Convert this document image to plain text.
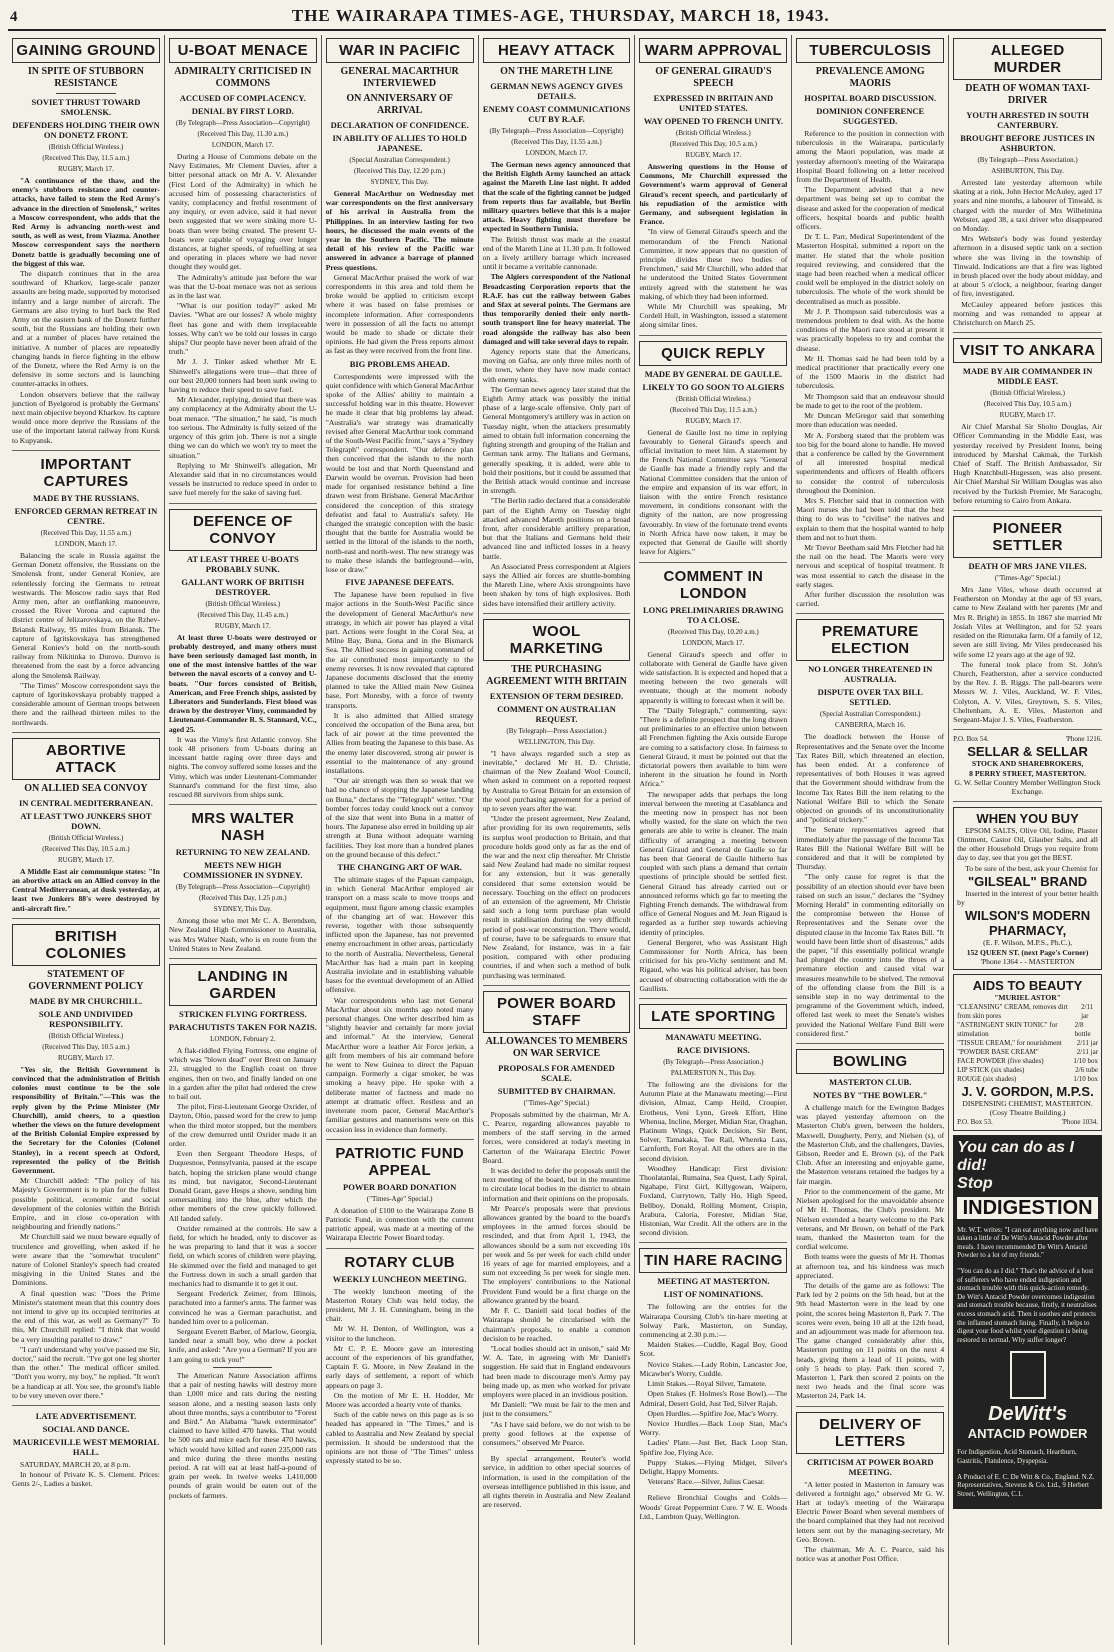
4	THE WAIRARAPA TIMES-AGE, THURSDAY, MARCH 18, 1943.
GAINING GROUND
IN SPITE OF STUBBORN RESISTANCE
SOVIET THRUST TOWARD SMOLENSK.
DEFENDERS HOLDING THEIR OWN ON DONETZ FRONT.
(British Official Wireless.)
(Received This Day, 11.5 a.m.)
RUGBY, March 17.

"A continuance of the thaw, and the enemy's stubborn resistance and counter-attacks, have failed to stem the Red Army's advance in the direction of Smolensk," writes a Moscow correspondent, who adds that the Red Army is advancing north-west and south, as well as west, from Viazma. Another Moscow correspondent says the northern Donetz battle is gradually becoming one of the biggest of this war.

The dispatch continues that in the area southward of Kharkov, large-scale panzer assaults are being made, supported by motorised infantry and a large number of aircraft. The Germans are also trying to hurl back the Red Army on the eastern bank of the Donetz further south, but the Russians are holding their own and at a number of places have retained the initiative. A number of places are repeatedly changing hands in fierce fighting in the elbow of the Donetz, where the Red Army is on the defensive in some sectors and is launching counter-attacks in others.

London observers believe that the railway junction of Byelgorod is probably the Germans' next main objective beyond Kharkov. Its capture would once more deprive the Russians of the use of the important lateral railway from Kursk to Kupyansk.

IMPORTANT CAPTURES
MADE BY THE RUSSIANS.
ENFORCED GERMAN RETREAT IN CENTRE.
(Received This Day, 11.55 a.m.)
LONDON, March 17.

Balancing the scale in Russia against the German Donetz offensive, the Russians on the Smolensk front, under General Koniev, are relentlessly forcing the Germans to retreat westwards. The Moscow radio says that Red Army men, after an outflanking manoeuvre, crossed the River Vorona and captured the district centre of Jelizarovskaya, on the Rzhev-Briansk Railway, 95 miles from Briansk. The capture of Igritskovskaya has strengthened General Koniev's hold on the north-south railway from Nikitinka to Durovo. Durovo is threatened from the east by a force advancing along the Smolensk Railway.

"The Times" Moscow correspondent says the capture of Igoritskovskaya probably trapped a considerable amount of German troops between there and the railhead thirteen miles to the northwards.

ABORTIVE ATTACK
ON ALLIED SEA CONVOY
IN CENTRAL MEDITERRANEAN.
AT LEAST TWO JUNKERS SHOT DOWN.
(British Official Wireless.)
(Received This Day, 10.5 a.m.)
RUGBY, March 17.

A Middle East air communique states: "In an abortive attack on an Allied convoy in the Central Mediterranean, at dusk yesterday, at least two Junkers 88's were destroyed by anti-aircraft fire."

BRITISH COLONIES
STATEMENT OF GOVERNMENT POLICY
MADE BY MR CHURCHILL.
SOLE AND UNDIVIDED RESPONSIBILITY.
(British Official Wireless.)
(Received This Day, 10.5 a.m.)
RUGBY, March 17.

"Yes sir, the British Government is convinced that the administration of British colonies must continue to be the sole responsibility of Britain."—This was the reply given by the Prime Minister (Mr Churchill), amid cheers, to a question whether the views on the future development of the British Colonial Empire expressed by the Secretary for the Colonies (Colonel Stanley), in a recent speech at Oxford, represented the policy of the British Government.

Mr Churchill added: "The policy of his Majesty's Government is to plan for the fullest possible political, economic and social development of the colonies within the British Empire, and in close co-operation with neighbouring and friendly nations."

Mr Churchill said we must beware equally of truculence and grovelling, when asked if he were aware that the "somewhat truculent" nature of Colonel Stanley's speech had created misgiving in the United States and the Dominions.

A final question was: "Does the Prime Minister's statement mean that this country does not intend to give up its occupied territories at the end of this war, as well as Germany?" To this, Mr Churchill replied: "I think that would be a very insulting parallel to draw."

"I can't understand why you've passed me Sir, doctor," said the recruit. "I've got one leg shorter than the other." The medical officer smiled. "Don't you worry, my boy," he replied. "It won't be a handicap at all. You see, the ground's liable to be very uneven over there."

LATE ADVERTISEMENT.
SOCIAL AND DANCE.
MAURICEVILLE WEST MEMORIAL HALL.

SATURDAY, MARCH 20, at 8 p.m.

In honour of Private K. S. Clement. Prices: Gents 2/-, Ladies a basket.

U-BOAT MENACE
ADMIRALTY CRITICISED IN COMMONS
ACCUSED OF COMPLACENCY.
DENIAL BY FIRST LORD.
(By Telegraph—Press Association—Copyright)
(Received This Day, 11.30 a.m.)
LONDON, March 17.

During a House of Commons debate on the Navy Estimates, Mr Clement Davies, after a bitter personal attack on Mr A. V. Alexander (First Lord of the Admiralty) in which he accused him of possessing characteristics of vanity, complacency and fretful resentment of any inquiry, or even advice, said it had never been suggested that we were sinking more U-boats than were being created. The present U-boats were capable of voyaging over longer distances, at higher speeds, of refuelling at sea and operating in places where we had never thought they would get.

The Admiralty's attitude just before the war was that the U-boat menace was not as serious as in the last war.

"What is our position today?" asked Mr Davies. "What are our losses? A whole mighty fleet has gone and with them irreplaceable losses. Why can't we be told our losses in cargo ships? Our people have never been afraid of the truth."

Mr J. J. Tinker asked whether Mr E. Shinwell's allegations were true—that three of our best 20,000 tonners had been sunk owing to having to reduce their speed to save fuel.

Mr Alexander, replying, denied that there was any complacency at the Admiralty about the U-boat menace. "The situation," he said, "is much too serious. The Admiralty is fully seized of the urgency of this grim job. There is not a single thing we can do which we won't try to meet the situation."

Replying to Mr Shinwell's allegation, Mr Alexander said that in no circumstances would vessels be instructed to reduce speed in order to save fuel merely for the sake of saving fuel.

DEFENCE OF CONVOY
AT LEAST THREE U-BOATS PROBABLY SUNK.
GALLANT WORK OF BRITISH DESTROYER.
(British Official Wireless.)
(Received This Day, 11.45 a.m.)
RUGBY, March 17.

At least three U-boats were destroyed or probably destroyed, and many others must have been seriously damaged last month, in one of the most intensive battles of the war between the naval escorts of a convoy and U-boats. "Our forces consisted of British, American, and Free French ships, assisted by Liberators and Sunderlands. First blood was drawn by the destroyer Vimy, commanded by Lieutenant-Commander R. S. Stannard, V.C., aged 25.

It was the Vimy's first Atlantic convoy. She took 48 prisoners from U-boats during an incessant battle raging over three days and nights. The convoy suffered some losses and the Vimy, which was under Lieutenant-Commander Stannard's command for the first time, also rescued 88 survivors from ships sunk.

MRS WALTER NASH
RETURNING TO NEW ZEALAND.
MEETS NEW HIGH COMMISSIONER IN SYDNEY.
(By Telegraph—Press Association—Copyright)
(Received This Day, 1.25 p.m.)
SYDNEY, This Day.

Among those who met Mr C. A. Berendsen, New Zealand High Commissioner to Australia, was Mrs Walter Nash, who is en route from the United States to New Zealand.

LANDING IN GARDEN
STRICKEN FLYING FORTRESS.
PARACHUTISTS TAKEN FOR NAZIS.
LONDON, February 2.

A flak-riddled Flying Fortress, one engine of which was "blown dead" over Brest on January 23, struggled to the English coast on three engines, then on two, and finally landed on one in a garden after the pilot had ordered the crew to bail out.

The pilot, First-Lieutenant George Oxrider, of Dayton, Ohio, passed word for the crew to jump when the third motor stopped, but the members of the crew demurred until Oxrider made it an order.

Even then Sergeant Theodore Hesps, of Duquesnoe, Pennsylvania, paused at the escape hatch, hoping the stricken plane would change its mind, but navigator, Second-Lieutenant Donald Grant, gave Hesps a shove, sending him somersaulting into the blue, after which the other members of the crew quickly followed. All landed safely.

Oxrider remained at the controls. He saw a field, for which he headed, only to discover as he was preparing to land that it was a soccer field, on which scores of children were playing. He skimmed over the field and managed to get the Fortress down in such a small garden that mechanics had to dismantle it to get it out.

Sergeant Frederick Zeimer, from Illinois, parachuted into a farmer's arms. The farmer was convinced he was a German parachutist, and handed him over to a policeman.

Sergeant Everett Barber, of Marlow, Georgia, landed near a small boy, who drew a pocket knife, and asked: "Are you a German? If you are I am going to stick you!"

The American Nature Association affirms that a pair of nesting hawks will destroy more than 1,000 mice and rats during the nesting season alone, and a nesting season lasts only about three months, says a contributor to "Forest and Bird." An Alabama "hawk exterminator" claimed to have killed 470 hawks. That would be 500 rats and mice each for these 470 hawks, which would have killed and eaten 235,000 rats and mice during the three months nesting period. A rat will eat at least half-a-pound of grain per week. In twelve weeks 1,410,000 pounds of grain would be eaten out of the pockets of farmers.

WAR IN PACIFIC
GENERAL MACARTHUR INTERVIEWED
ON ANNIVERSARY OF ARRIVAL
DECLARATION OF CONFIDENCE.
IN ABILITY OF ALLIES TO HOLD JAPANESE.
(Special Australian Correspondent.)
(Received This Day, 12.20 p.m.)
SYDNEY, This Day.

General MacArthur on Wednesday met war correspondents on the first anniversary of his arrival in Australia from the Philippines. In an interview lasting for two hours, he discussed the main events of the year in the Southern Pacific. The minute detail of his review of the Pacific war answered in advance a barrage of planned Press questions.

General MacArthur praised the work of war correspondents in this area and told them he broke would be applied to criticism except where it was based on false premises or incomplete information. After correspondents were in possession of all the facts no attempt would be made to shade or dictate their opinions. He had given the Press reports almost as fast as they were received from the front line.

BIG PROBLEMS AHEAD.

Correspondents were impressed with the quiet confidence with which General MacArthur spoke of the Allies' ability to maintain a successful holding war in this theatre. However he made it clear that big problems lay ahead. "Australia's war strategy was dramatically revised after General MacArthur took command of the South-West Pacific front," says a "Sydney Telegraph" correspondent. "Our defence plan then conceived that the islands to the north would be lost and that North Queensland and Darwin would be overrun. Provision had been made for organised resistance behind a line drawn west from Brisbane. General MacArthur considered the conception of this strategy defeatist and fatal to Australia's safety. He changed the strategic conception with the basic thought that the battle for Australia would be settled in the littoral of the islands to the north, north-east and north-west. The new strategy was to make these islands the battleground—win, lose or draw."

FIVE JAPANESE DEFEATS.

The Japanese have been repulsed in five major actions in the South-West Pacific since the development of General MacArthur's new strategy, in which air power has played a vital part. Actions were fought in the Coral Sea, at Milne Bay, Buna, Gona and in the Bismarck Sea. The Allied success in gaining command of the air contributed most importantly to the enemy reverses. It is now revealed that captured Japanese documents disclosed that the enemy planned to take the Allied main New Guinea base, Port Moresby, with a force of twenty transports.

It is also admitted that Allied strategy conceived the occupation of the Buna area, but lack of air power at the time prevented the Allies from beating the Japanese to this base. As the enemy later discovered, strong air power is essential to the maintenance of any ground installations.

"Our air strength was then so weak that we had no chance of stopping the Japanese landing on Buna," declares the "Telegraph" writer. "Our bomber forces today could knock out a convoy of the size that went into Buna in a matter of hours. The Japanese also erred in building up air strength at Buna without adequate warning facilities. They lost more than a hundred planes on the ground because of this defect."

THE CHANGING ART OF WAR.

The ultimate stages of the Papuan campaign, in which General MacArthur employed air transport on a mass scale to move troops and equipment, must figure among classic examples of the changing art of war. However this reverse, together with those subsequently inflicted upon the Japanese, has not prevented enemy encroachment in other areas, particularly to the north of Australia. Nevertheless, General MacArthur has had a main part in keeping Australia inviolate and in establishing valuable bases for the eventual development of an Allied offensive.

War correspondents who last met General MacArthur about six months ago noted many personal changes. One writer described him as "slightly heavier and certainly far more jovial and informal." At the interview, General MacArthur wore a leather Air Force jerkin, a gift from members of his air command before he went to New Guinea to direct the Papuan campaign. Formerly a cigar smoker, he was smoking a heavy pipe. He spoke with a deliberate matter of factness and made no attempt at dramatic effect. Restless and an inveterate room pacer, General MacArthur's familiar gestures and mannerisms were on this occasion less in evidence than formerly.

PATRIOTIC FUND APPEAL
POWER BOARD DONATION
("Times-Age" Special.)

A donation of £100 to the Wairarapa Zone B Patriotic Fund, in connection with the current patriotic appeal, was made at a meeting of the Wairarapa Electric Power Board today.

ROTARY CLUB
WEEKLY LUNCHEON MEETING.

The weekly luncheon meeting of the Masterton Rotary Club was held today, the president, Mr J. H. Cunningham, being in the chair.

Mr W. H. Denton, of Wellington, was a visitor to the luncheon.

Mr C. P. E. Moore gave an interesting account of the experiences of his grandfather, Captain F. G. Moore, in New Zealand in the early days of settlement, a report of which appears on page 3.

On the motion of Mr E. H. Hodder, Mr Moore was accorded a hearty vote of thanks.

Such of the cable news on this page as is so headed has appeared in "The Times," and is cabled to Australia and New Zealand by special permission. It should be understood that the opinions are not those of "The Times" unless expressly stated to be so.

HEAVY ATTACK
ON THE MARETH LINE
GERMAN NEWS AGENCY GIVES DETAILS.
ENEMY COAST COMMUNICATIONS CUT BY R.A.F.
(By Telegraph—Press Association—Copyright)
(Received This Day, 11.55 a.m.)
LONDON, March 17.

The German news agency announced that the British Eighth Army launched an attack against the Mareth Line last night. It added that the scale of the fighting cannot be judged from reports thus far available, but Berlin military quarters believe that this is a major attack. Heavy fighting must therefore be expected in Southern Tunisia.

The British thrust was made at the coastal end of the Mareth Line at 11.30 p.m. It followed on a lively artillery barrage which increased until it became a veritable cannonade.

The Algiers correspondent of the National Broadcasting Corporation reports that the R.A.F. has cut the railway between Gabes and Sfax at several points. The Germans are thus temporarily denied their only north-south transport line for heavy material. The road alongside the railway has also been damaged and will take several days to repair.

Agency reports state that the Americans, moving on Gafsa, are only three miles north of the town, where they have now made contact with enemy tanks.

The German news agency later stated that the Eighth Army attack was possibly the initial phase of a large-scale offensive. Only part of General Montgomery's artillery was in action on Tuesday night, when the attackers presumably aimed to obtain full information concerning the fighting strength and grouping of the Italian and German tank army. The Italians and Germans, generally speaking, it is added, were able to hold their positions, but it could be assumed that the British attack would continue and increase in strength.

"The Berlin radio declared that a considerable part of the Eighth Army on Tuesday night attacked advanced Mareth positions on a broad front, after considerable artillery preparation, but that the Italians and Germans held their advanced line and inflicted losses in a heavy battle.

An Associated Press correspondent at Algiers says the Allied air forces are shuttle-bombing the Mareth Line, where Axis strongpoints have been shaken by tons of high explosives. Both sides have intensified their artillery activity.

WOOL MARKETING
THE PURCHASING AGREEMENT WITH BRITAIN
EXTENSION OF TERM DESIRED.
COMMENT ON AUSTRALIAN REQUEST.
(By Telegraph—Press Association.)
WELLINGTON, This Day.

"I have always regarded such a step as inevitable," declared Mr H. D. Christie, chairman of the New Zealand Wool Council, when asked to comment on a reported request by Australia to Great Britain for an extension of the wool purchasing agreement for a period of up to seven years after the war.

"Under the present agreement, New Zealand, after providing for its own requirements, sells its surplus wool production to Britain, and that procedure holds good only as far as the end of the war and the next clip thereafter. Mr Christie said New Zealand had made no similar request for any extension, but it was generally considered that some extension would be necessary. Touching on the effect on producers of an extension of the agreement, Mr Christie said such a long term purchase plan would result in stabilisation during the very difficult period of post-war reconstruction. There would, of course, have to be safeguards to ensure that New Zealand, for instance, was in a fair position, compared with other producing countries, if and when such a method of bulk purchasing was terminated.

POWER BOARD STAFF
ALLOWANCES TO MEMBERS ON WAR SERVICE
PROPOSALS FOR AMENDED SCALE.
SUBMITTED BY CHAIRMAN.
("Times-Age" Special.)

Proposals submitted by the chairman, Mr A. C. Pearce, regarding allowances payable to members of the staff serving in the armed forces, were considered at today's meeting in Carterton of the Wairarapa Electric Power Board.

It was decided to defer the proposals until the next meeting of the board, but in the meantime to circulate local bodies in the district to obtain information and their opinions on the proposals.

Mr Pearce's proposals were that previous allowances granted by the board to the board's employees in the armed forces should be rescinded, and that from April 1, 1943, the allowances should be a sum not exceeding 10s per week and 5s per week for each child under 16 years of age for married employees, and a sum not exceeding 5s per week for single men. The employers' contributions to the National Provident Fund would be a first charge on the allowance granted by the board.

Mr F. C. Daniell said local bodies of the Wairarapa should be circularised with the chairman's proposals, to enable a common decision to be reached.

"Local bodies should act in unison," said Mr W. A. Tate, in agreeing with Mr Daniell's suggestion. He said that in England endeavours had been made to discourage men's Army pay being made up, as men who worked for private employers were placed in an invidious position.

Mr Daniell: "We must be fair to the men and just to the consumers."

"As I have said before, we do not wish to be pretty good fellows at the expense of consumers," observed Mr Pearce.

By special arrangement, Reuter's world service, in addition to other special sources of information, is used in the compilation of the overseas intelligence published in this issue, and all rights therein in Australia and New Zealand are reserved.

WARM APPROVAL
OF GENERAL GIRAUD'S SPEECH
EXPRESSED IN BRITAIN AND UNITED STATES.
WAY OPENED TO FRENCH UNITY.
(British Official Wireless.)
(Received This Day, 10.5 a.m.)
RUGBY, March 17.

Answering questions in the House of Commons, Mr Churchill expressed the Government's warm approval of General Giraud's recent speech, and particularly of his repudiation of the armistice with Germany, and subsequent legislation in France.

"In view of General Giraud's speech and the memorandum of the French National Committee, it now appears that no question of principle divides these two bodies of Frenchmen," said Mr Churchill, who added that he understood the United States Government entirely agreed with the statement he was making, of which they had been informed.

While Mr Churchill was speaking, Mr Cordell Hull, in Washington, issued a statement along similar lines.

QUICK REPLY
MADE BY GENERAL DE GAULLE.
LIKELY TO GO SOON TO ALGIERS
(British Official Wireless.)
(Received This Day, 11.5 a.m.)
RUGBY, March 17.

General de Gaulle lost no time in replying favourably to General Giraud's speech and official invitation to meet him. A statement by the French National Committee says "General de Gaulle has made a friendly reply and the National Committee considers that the union of the empire and expansion of its war effort, in liaison with the entire French resistance movement, in conditions consonant with the dignity of the nation, are now progressing favourably. In view of the fortunate trend events in North Africa have now taken, it may be expected that General de Gaulle will shortly leave for Algiers."

COMMENT IN LONDON
LONG PRELIMINARIES DRAWING TO A CLOSE.
(Received This Day, 10.20 a.m.)
LONDON, March 17.

General Giraud's speech and offer to collaborate with General de Gaulle have given wide satisfaction. It is expected and hoped that a meeting between the two generals will eventuate, though at the moment nobody apparently is willing to forecast when it will be.

The "Daily Telegraph," commenting, says: "There is a definite prospect that the long drawn out preliminaries to an effective union between all Frenchmen fighting the Axis outside Europe are coming to a satisfactory close. In fairness to General Giraud, it must be pointed out that the dictatorial powers then available to him were inherent in the situation he found in North Africa."

The newspaper adds that perhaps the long interval between the meeting at Casablanca and the meeting now in prospect has not been wholly wasted, for the slate on which the two generals are able to write is cleaner. The main difficulty of arranging a meeting between General Giraud and General de Gaulle so far has been that General de Gaulle hitherto has coupled with such plans a demand that certain questions of principle should be settled first. General Giraud has already carried out or announced reforms which go far to meeting the Fighting French demands. The withdrawal from office of General Nogues and M. Jean Rigaud is regarded as a further step towards achieving identity of principles.

General Bergeret, who was Assistant High Commissioner for North Africa, has been criticised for his pro-Vichy sentiment and M. Rigaud, who was his political adviser, has been accused of obstructing collaboration with the de Gaullists.

LATE SPORTING
MANAWATU MEETING.
RACE DIVISIONS.
(By Telegraph—Press Association.)
PALMERSTON N., This Day.

The following are the divisions for the Autumn Plate at the Manawatu meeting:—First division, Almaz, Camp Heild, Croupier, Erotheus, Veni Lynn, Greek Effort, Hine Whenua, Incline, Merger, Midian Star, Oraghan, Platinum Wings, Quick Decision, Sir Bent, Solver, Tamakaka, Tee Rail, Whereka Lass, Carnforth, Fort Royal. All the others are in the second division.

Woodhey Handicap: First division: Thoolatanlai, Rumaina, Sea Quest, Lady Spiral, Ngahape, First Girl, Killygowan, Waipero, Foxland, Currytown, Tally Ho, High Speed, Bellboy, Donald, Rolling Moment, Crispin, Arabura, Caloria, Forester, Midian Star, Histonian, War Credit. All the others are in the second division.

TIN HARE RACING
MEETING AT MASTERTON.
LIST OF NOMINATIONS.

The following are the entries for the Wairarapa Coursing Club's tin-hare meeting at Solway Park, Masterton, on Sunday, commencing at 2.30 p.m.:—

Maiden Stakes.—Cuddle, Kagal Boy, Good Scot.

Novice Stakes.—Lady Robin, Lancaster Joe, Micawber's Worry, Cuddle.

Limit Stakes.—Royal Silver, Tamatete.

Open Stakes (F. Holmes's Rose Bowl).—The Admiral, Desert Gold, Just Ted, Silver Rajah.

Open Hurdles.—Spitfire Joe, Mac's Worry.

Novice Hurdles.—Back Loop Stan, Mac's Worry.

Ladies' Plate.—Just Bet, Back Loop Stan, Spitfire Joe, Flying Ace.

Puppy Stakes.—Flying Midget, Silver's Delight, Happy Moments.

Veterans' Race.—Silver, Julius Caesar.

Relieve Bronchial Coughs and Colds—Woods' Great Peppermint Cure. 7 W. E. Woods Ltd., Lambton Quay, Wellington.

TUBERCULOSIS
PREVALENCE AMONG MAORIS
HOSPITAL BOARD DISCUSSION.
DOMINION CONFERENCE SUGGESTED.

Reference to the position in connection with tuberculosis in the Wairarapa, particularly among the Maori population, was made at yesterday afternoon's meeting of the Wairarapa Hospital Board following on a letter received from the Department of Health.

The Department advised that a new department was being set up to combat the disease and asked for the cooperation of medical officers, hospital boards and public health officers.

Dr T. L. Parr, Medical Superintendent of the Masterton Hospital, submitted a report on the matter. He stated that the whole position required reviewing, and considered that the stage had been reached when a medical officer could well be employed in the district solely on tuberculosis. The whole of the work should be decentralised as much as possible.

Mr J. P. Thompson said tuberculosis was a tremendous problem to deal with. As the home conditions of the Maori race stood at present it was practically hopeless to try and combat the disease.

Mr H. Thomas said he had been told by a medical practitioner that practically every one of the 1500 Maoris in the district had tuberculosis.

Mr Thompson said that an endeavour should be made to get to the root of the problem.

Mr Duncan McGregor said that something more than education was needed.

Mr A. Forsberg stated that the problem was too big for the board alone to handle. He moved that a conference be called by the Government of all interested hospital medical superintendents and officers of Health officers to consider the control of tuberculosis throughout the Dominion.

Mrs S. Fletcher said that in connection with Maori nurses she had been told that the best thing to do was to "civilise" the natives and explain to them that the hospital wanted to help them and not to hurt them.

Mr Trevor Beetham said Mrs Fletcher had hit the nail on the head. The Maoris were very nervous and sceptical of hospital treatment. It was most essential to catch the disease in the early stages.

After further discussion the resolution was carried.

PREMATURE ELECTION
NO LONGER THREATENED IN AUSTRALIA.
DISPUTE OVER TAX BILL SETTLED.
(Special Australian Correspondent.)
CANBERRA, March 16.

The deadlock between the House of Representatives and the Senate over the Income Tax Rates Bill, which threatened an election, has been ended. At a conference of representatives of both Houses it was agreed that the Government should withdraw from the Income Tax Rates Bill the item relating to the National Welfare Bill to which the Senate objected on grounds of its unconstitutionality and "political trickery."

The Senate representatives agreed that immediately after the passage of the Income Tax Rates Bill the National Welfare Bill will be considered and that it will be completed by Thursday.

"The only cause for regret is that the possibility of an election should ever have been raised on such an issue," declares the "Sydney Morning Herald" in commenting editorially on the compromise between the House of Representatives and the Senate over the disputed clause in the Income Tax Rates Bill. "It would have been little short of disastrous," adds the paper, "if this essentially political wrangle had plunged the country into the throes of a premature election and caused vital war measures meanwhile to be shelved. The removal of the offending clause from the Bill is a sensible step in no way detrimental to the programme of the Government which, indeed, offered last week to meet the Senate's wishes provided the National Welfare Fund Bill were considered first."

BOWLING
MASTERTON CLUB.
NOTES BY "THE BOWLER."

A challenge match for the Ewington Badges was played yesterday afternoon on the Masterton Club's green, between the holders, Maxwell, Dougherty, Perry, and Nielsen (s), of the Masterton Club, and the challengers, Davies, Gibson, Reeder and E. Brown (s), of the Park Club. After an interesting and enjoyable game, the Masterton veterans retained the badges by a fair margin.

Prior to the commencement of the game, Mr Nielsen apologised for the unavoidable absence of Mr H. Thomas, the Club's president. Mr Nielsen extended a hearty welcome to the Park veterans, and Mr Brown, on behalf of the Park team, thanked the Masterton team for the cordial welcome.

Both teams were the guests of Mr H. Thomas at afternoon tea, and his kindness was much appreciated.

The details of the game are as follows: The Park led by 2 points on the 5th head, but at the 9th head Masterton were in the lead by one point, the scores being Masterton 8, Park 7. The scores were even, being 10 all at the 12th head, and an adjournment was made for afternoon tea. The game changed considerably after this, Masterton putting on 11 points on the next 4 heads, giving them a lead of 11 points, with only 5 heads to play. Park then scored 7, Masterton 1, Park then scored 2 points on the next two heads and the final score was Masterton 24, Park 14.

DELIVERY OF LETTERS
CRITICISM AT POWER BOARD MEETING.

"A letter posted in Masterton in January was delivered a fortnight ago," observed Mr G. W. Hart at today's meeting of the Wairarapa Electric Power Board when several members of the board complained that they had not received letters sent out by the managing-secretary, Mr Geo. Brown.

The chairman, Mr A. C. Pearce, said his notice was at another Post Office.

ALLEGED MURDER
DEATH OF WOMAN TAXI-DRIVER
YOUTH ARRESTED IN SOUTH CANTERBURY.
BROUGHT BEFORE JUSTICES IN ASHBURTON.
(By Telegraph—Press Association.)
ASHBURTON, This Day.

Arrested late yesterday afternoon while skating at a rink, John Hector McAuley, aged 17 years and nine months, a labourer of Tinwald, is charged with the murder of Mrs Wilhelmina Webster, aged 38, a taxi driver who disappeared on Monday.

Mrs Webster's body was found yesterday afternoon in a disused septic tank on a section where she was living in the township of Tinwald. Indications are that a fire was lighted in brush placed over the body about midday, and at about 5 o'clock, a neighbour, fearing danger of fire, investigated.

McCauley appeared before justices this morning and was remanded to appear at Christchurch on March 25.

VISIT TO ANKARA
MADE BY AIR COMMANDER IN MIDDLE EAST.
(British Official Wireless.)
(Received This Day, 10.5 a.m.)
RUGBY, March 17.

Air Chief Marshal Sir Sholto Douglas, Air Officer Commanding in the Middle East, was yesterday received by President Inonu, being introduced by Marshal Cakmak, the Turkish Chief of Staff. The British Ambassador, Sir Hugh Knatchbull-Hugessen, was also present. Air Chief Marshal Sir William Douglas was also received by the Turkish Premier, Mr Saracoglu, before returning to Cairo from Ankara.

PIONEER SETTLER
DEATH OF MRS JANE VILES.
("Times-Age" Special.)

Mrs Jane Viles, whose death occurred at Featherston on Monday at the age of 93 years, came to New Zealand with her parents (Mr and Mrs R. Bright) in 1855. In 1867 she married Mr Josiah Viles at Wellington, and for 52 years resided on the Rimutaka farm. Of a family of 12, seven are still living. Mr Viles predeceased his wife some 12 years ago at the age of 92.

The funeral took place from St. John's Church, Featherston, after a service conducted by the Rev. J. B. Riggs. The pall-bearers were Messrs W. J. Viles, Auckland, W. F. Viles, Colyton, A. V. Viles, Greytown, S. S. Viles, Cheltenham, A. E. Viles, Masterton and Sergeant-Major J. S. Viles, Featherston.

P.O. Box 54.	'Phone 1216.
SELLAR & SELLAR
STOCK AND SHAREBROKERS,
8 PERRY STREET, MASTERTON.
G. W. Sellar Country Member Wellington Stock Exchange.
WHEN YOU BUY

EPSOM SALTS, Olive Oil, Iodine, Plaster Ointment, Castor Oil, Glauber Salts, and all the other Household Drugs you require from day to day, see that you get the BEST.

To be sure of the best, ask your Chemist for

"GILSEAL" BRAND

Inserted in the interest of your better health by

WILSON'S MODERN PHARMACY,
(E. F. Wilson, M.P.S., Ph.C.),
152 QUEEN ST. (next Page's Corner)
'Phone 1364 - - MASTERTON
AIDS TO BEAUTY
"MURIEL ASTOR"
"CLEANSING" CREAM, removes dirt from skin pores
2/11 jar
"ASTRINGENT SKIN TONIC" for stimulation
2/8 bottle
"TISSUE CREAM," for nourishment 2/11 jar
"POWDER BASE CREAM"	2/11 jar
FACE POWDER (five shades)	1/10 box
LIP STICK (six shades)	2/6 tube
ROUGE (six shades)	1/10 box
J. V. GORDON, M.P.S.
DISPENSING CHEMIST, MASTERTON.
(Cosy Theatre Building.)
P.O. Box 53.	'Phone 1034.
You can do as I did!
Stop
INDIGESTION

Mr. W.T. writes: "I can eat anything now and have taken a little of De Witt's Antacid Powder after meals. I have recommended De Witt's Antacid Powder to a lot of my friends."

"You can do as I did." That's the advice of a host of sufferers who have ended indigestion and stomach trouble with this quick-action remedy. De Witt's Antacid Powder overcomes indigestion and stomach trouble because, firstly, it neutralises excess stomach acid. Then it soothes and protects the inflamed stomach lining. Finally, it helps to digest your food whilst your digestion is being restored to normal. Why suffer longer?

DeWitt's
ANTACID POWDER

For Indigestion, Acid Stomach, Heartburn, Gastritis, Flatulence, Dyspepsia.

A Product of E. C. De Witt & Co., England. N.Z. Representatives, Stevens & Co. Ltd., 9 Herbert Street, Wellington, C.1.
